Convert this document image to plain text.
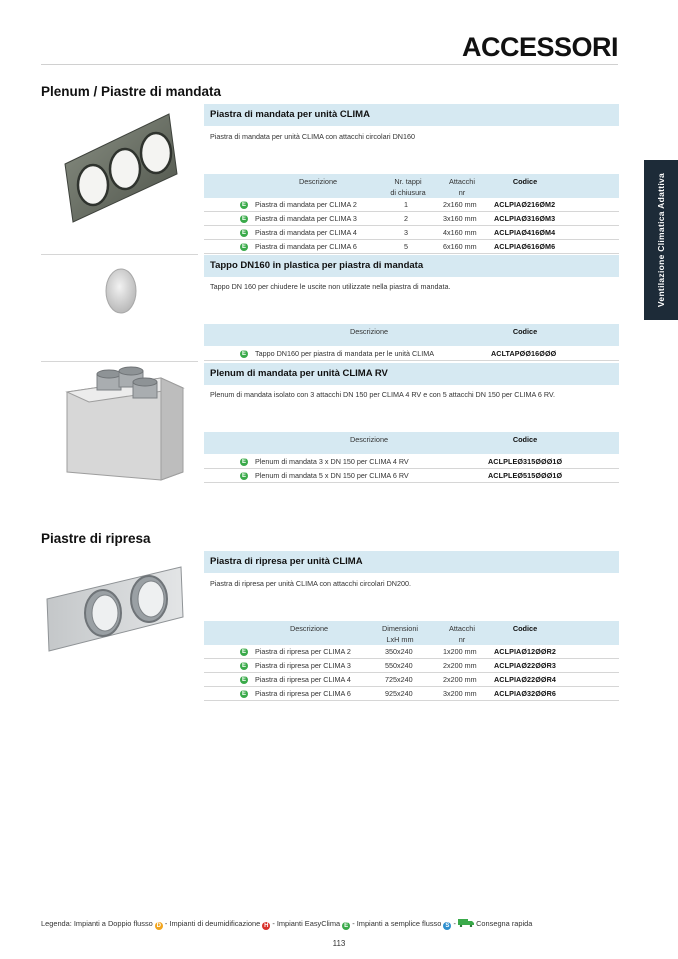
ACCESSORI
Ventilazione Climatica Adattiva
Plenum / Piastre di mandata
Piastra di mandata per unità CLIMA
Piastra di mandata per unità CLIMA con attacchi circolari DN160
Descrizione	Nr. tappi
di chiusura
Attacchi
nr
Codice
E Piastra di mandata per CLIMA 2	1	2x160 mm ACLPIAØ216ØM2
E Piastra di mandata per CLIMA 3	2	3x160 mm ACLPIAØ316ØM3
E Piastra di mandata per CLIMA 4	3	4x160 mm ACLPIAØ416ØM4
E Piastra di mandata per CLIMA 6	5	6x160 mm ACLPIAØ616ØM6
Tappo DN160 in plastica per piastra di mandata
Tappo DN 160 per chiudere le uscite non utilizzate nella piastra di mandata.
Descrizione	Codice
E Tappo DN160 per piastra di mandata per le unità CLIMA	ACLTAPØØ16ØØØ
Plenum di mandata per unità CLIMA RV
Plenum di mandata isolato con 3 attacchi DN 150 per CLIMA 4 RV e con 5 attacchi DN 150 per CLIMA 6 RV.
Descrizione	Codice
E Plenum di mandata 3 x DN 150 per CLIMA 4 RV	ACLPLEØ315ØØØ1Ø
E Plenum di mandata 5 x DN 150 per CLIMA 6 RV	ACLPLEØ515ØØØ1Ø
Piastre di ripresa
Piastra di ripresa per unità CLIMA
Piastra di ripresa per unità CLIMA con attacchi circolari DN200.
Descrizione	Dimensioni
LxH mm
Attacchi
nr
Codice
E Piastra di ripresa per CLIMA 2	350x240	1x200 mm ACLPIAØ12ØØR2
E Piastra di ripresa per CLIMA 3	550x240	2x200 mm ACLPIAØ22ØØR3
E Piastra di ripresa per CLIMA 4	725x240	2x200 mm ACLPIAØ22ØØR4
E Piastra di ripresa per CLIMA 6	925x240	3x200 mm ACLPIAØ32ØØR6
Legenda: Impianti a Doppio flusso D - Impianti di deumidificazione H - Impianti EasyClima E - Impianti a semplice flusso S -	Consegna rapida
113
